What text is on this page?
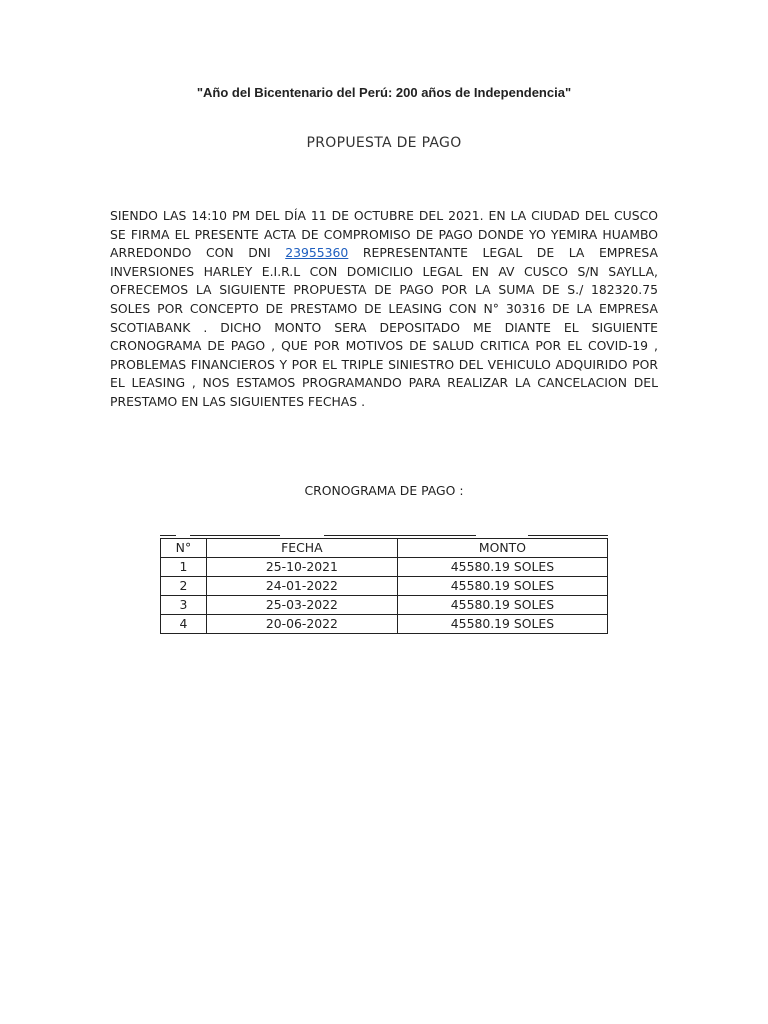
"Año del Bicentenario del Perú: 200 años de Independencia"
PROPUESTA DE PAGO
SIENDO LAS 14:10 PM DEL DÍA 11 DE OCTUBRE DEL 2021. EN LA CIUDAD DEL CUSCO SE FIRMA EL PRESENTE ACTA DE COMPROMISO DE PAGO DONDE YO YEMIRA HUAMBO ARREDONDO CON DNI 23955360 REPRESENTANTE LEGAL DE LA EMPRESA INVERSIONES HARLEY E.I.R.L CON DOMICILIO LEGAL EN AV CUSCO S/N SAYLLA, OFRECEMOS LA SIGUIENTE PROPUESTA DE PAGO POR LA SUMA DE S./ 182320.75 SOLES POR CONCEPTO DE PRESTAMO DE LEASING CON N° 30316 DE LA EMPRESA SCOTIABANK . DICHO MONTO SERA DEPOSITADO ME DIANTE EL SIGUIENTE CRONOGRAMA DE PAGO , QUE POR MOTIVOS DE SALUD CRITICA POR EL COVID-19 , PROBLEMAS FINANCIEROS Y POR EL TRIPLE SINIESTRO DEL VEHICULO ADQUIRIDO POR EL LEASING , NOS ESTAMOS PROGRAMANDO PARA REALIZAR LA CANCELACION DEL PRESTAMO EN LAS SIGUIENTES FECHAS .
CRONOGRAMA DE PAGO :
N°	FECHA	MONTO
1	25-10-2021	45580.19 SOLES
2	24-01-2022	45580.19 SOLES
3	25-03-2022	45580.19 SOLES
4	20-06-2022	45580.19 SOLES
